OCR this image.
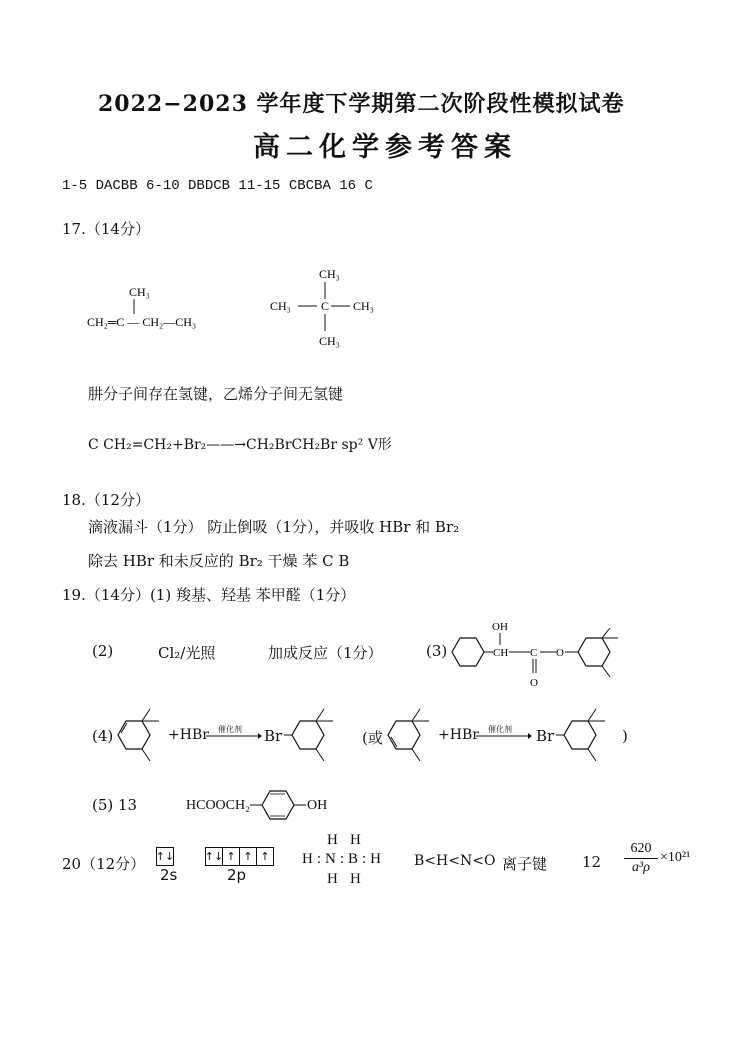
2022−2023 学年度下学期第二次阶段性模拟试卷
高二化学参考答案
1-5 DACBB 6-10 DBDCB 11-15 CBCBA 16 C
17.（14分）
CH₃
CH₂═C — CH₂—CH₃
CH₃
CH₃	C CH₃
CH₃
肼分子间存在氢键，乙烯分子间无氢键
C CH₂=CH₂+Br₂——→CH₂BrCH₂Br sp² V形
18.（12分）
滴液漏斗（1分） 防止倒吸（1分），并吸收 HBr 和 Br₂
除去 HBr 和未反应的 Br₂ 干燥 苯 C B
19.（14分）(1) 羧基、羟基 苯甲醛（1分）
(2)	Cl₂/光照	加成反应（1分）	(3)	CH
OH
C
O
O
(4)	+HBr 催化剂 Br	(或	+HBr 催化剂 Br	)
(5) 13	HCOOCH₂	OH
20（12分） ↑↓
2s
↑↓ ↑ ↑ ↑
2p
H H
H:N:B:H
H H
B<H<N<O 离子键 $12 \frac{620}{\text{a³ρ}} \times 10^{21}$
